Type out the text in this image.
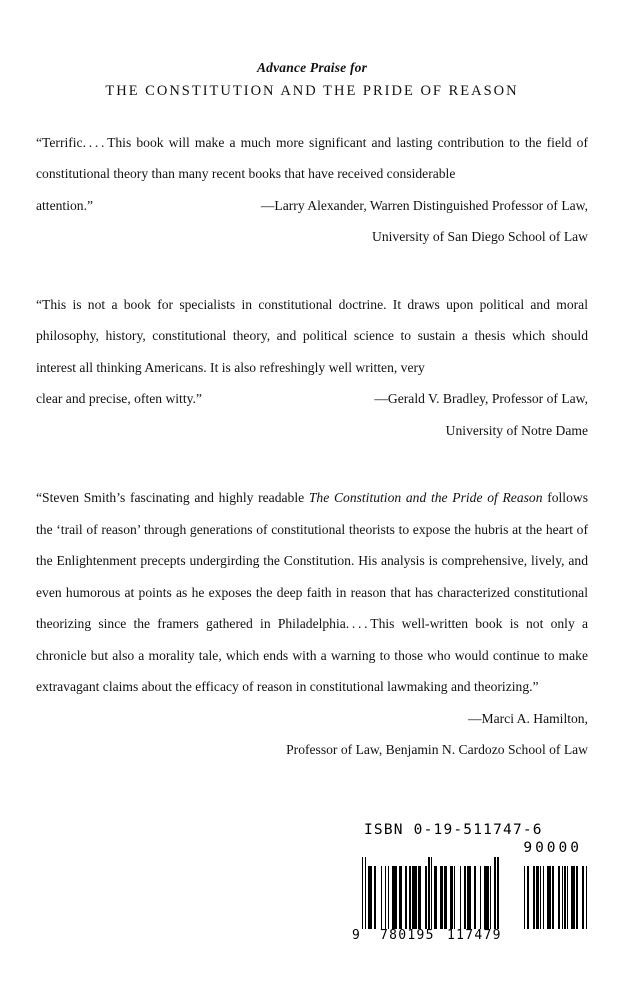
Advance Praise for
THE CONSTITUTION AND THE PRIDE OF REASON
“Terrific. . . . This book will make a much more significant and lasting contribution to the field of constitutional theory than many recent books that have received considerable
attention.”	—Larry Alexander, Warren Distinguished Professor of Law,
University of San Diego School of Law
“This is not a book for specialists in constitutional doctrine. It draws upon political and moral philosophy, history, constitutional theory, and political science to sustain a thesis which should interest all thinking Americans. It is also refreshingly well written, very
clear and precise, often witty.”	—Gerald V. Bradley, Professor of Law,
University of Notre Dame
“Steven Smith’s fascinating and highly readable The Constitution and the Pride of Reason follows the ‘trail of reason’ through generations of constitutional theorists to expose the hubris at the heart of the Enlightenment precepts undergirding the Constitution. His analysis is comprehensive, lively, and even humorous at points as he exposes the deep faith in reason that has characterized constitutional theorizing since the framers gathered in Philadelphia. . . . This well-written book is not only a chronicle but also a morality tale, which ends with a warning to those who would continue to make extravagant claims about the efficacy of reason in constitutional lawmaking and theorizing.”
—Marci A. Hamilton,
Professor of Law, Benjamin N. Cardozo School of Law
ISBN 0-19-511747-6
90000
9 780195 117479
